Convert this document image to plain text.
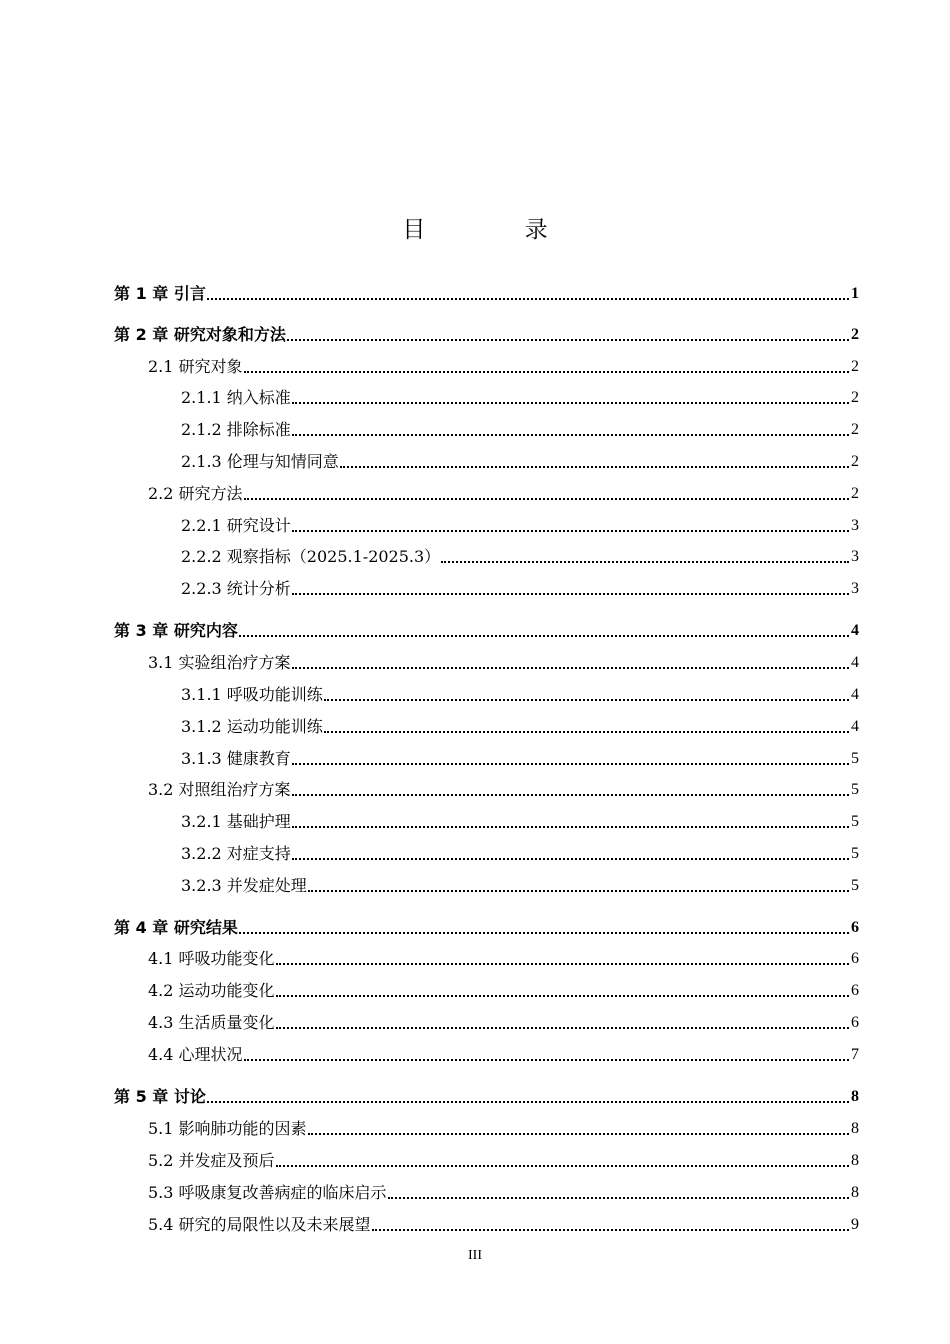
目 录
第 1 章 引言	1
第 2 章 研究对象和方法	2
2.1 研究对象	2
2.1.1 纳入标准	2
2.1.2 排除标准	2
2.1.3 伦理与知情同意	2
2.2 研究方法	2
2.2.1 研究设计	3
2.2.2 观察指标（2025.1-2025.3）	3
2.2.3 统计分析	3
第 3 章 研究内容	4
3.1 实验组治疗方案	4
3.1.1 呼吸功能训练	4
3.1.2 运动功能训练	4
3.1.3 健康教育	5
3.2 对照组治疗方案	5
3.2.1 基础护理	5
3.2.2 对症支持	5
3.2.3 并发症处理	5
第 4 章 研究结果	6
4.1 呼吸功能变化	6
4.2 运动功能变化	6
4.3 生活质量变化	6
4.4 心理状况	7
第 5 章 讨论	8
5.1 影响肺功能的因素	8
5.2 并发症及预后	8
5.3 呼吸康复改善病症的临床启示	8
5.4 研究的局限性以及未来展望	9
III
